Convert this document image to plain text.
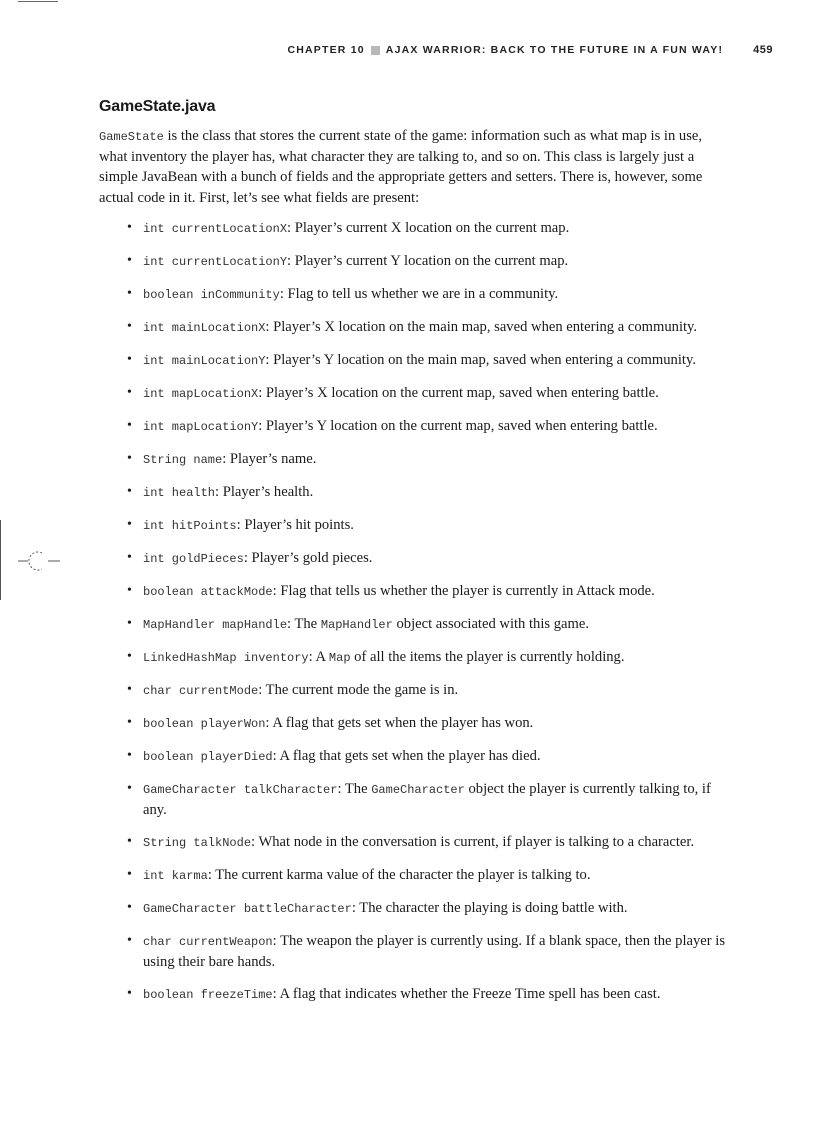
CHAPTER 10 AJAX WARRIOR: BACK TO THE FUTURE IN A FUN WAY!	459
GameState.java

GameState is the class that stores the current state of the game: information such as what map is in use, what inventory the player has, what character they are talking to, and so on. This class is largely just a simple JavaBean with a bunch of fields and the appropriate getters and setters. There is, however, some actual code in it. First, let’s see what fields are present:

• int currentLocationX: Player’s current X location on the current map.
• int currentLocationY: Player’s current Y location on the current map.
• boolean inCommunity: Flag to tell us whether we are in a community.
• int mainLocationX: Player’s X location on the main map, saved when entering a community.
• int mainLocationY: Player’s Y location on the main map, saved when entering a community.
• int mapLocationX: Player’s X location on the current map, saved when entering battle.
• int mapLocationY: Player’s Y location on the current map, saved when entering battle.
• String name: Player’s name.
• int health: Player’s health.
• int hitPoints: Player’s hit points.
• int goldPieces: Player’s gold pieces.
• boolean attackMode: Flag that tells us whether the player is currently in Attack mode.
• MapHandler mapHandle: The MapHandler object associated with this game.
• LinkedHashMap inventory: A Map of all the items the player is currently holding.
• char currentMode: The current mode the game is in.
• boolean playerWon: A flag that gets set when the player has won.
• boolean playerDied: A flag that gets set when the player has died.
• GameCharacter talkCharacter: The GameCharacter object the player is currently talking to, if any.
• String talkNode: What node in the conversation is current, if player is talking to a character.
• int karma: The current karma value of the character the player is talking to.
• GameCharacter battleCharacter: The character the playing is doing battle with.
• char currentWeapon: The weapon the player is currently using. If a blank space, then the player is using their bare hands.
• boolean freezeTime: A flag that indicates whether the Freeze Time spell has been cast.
